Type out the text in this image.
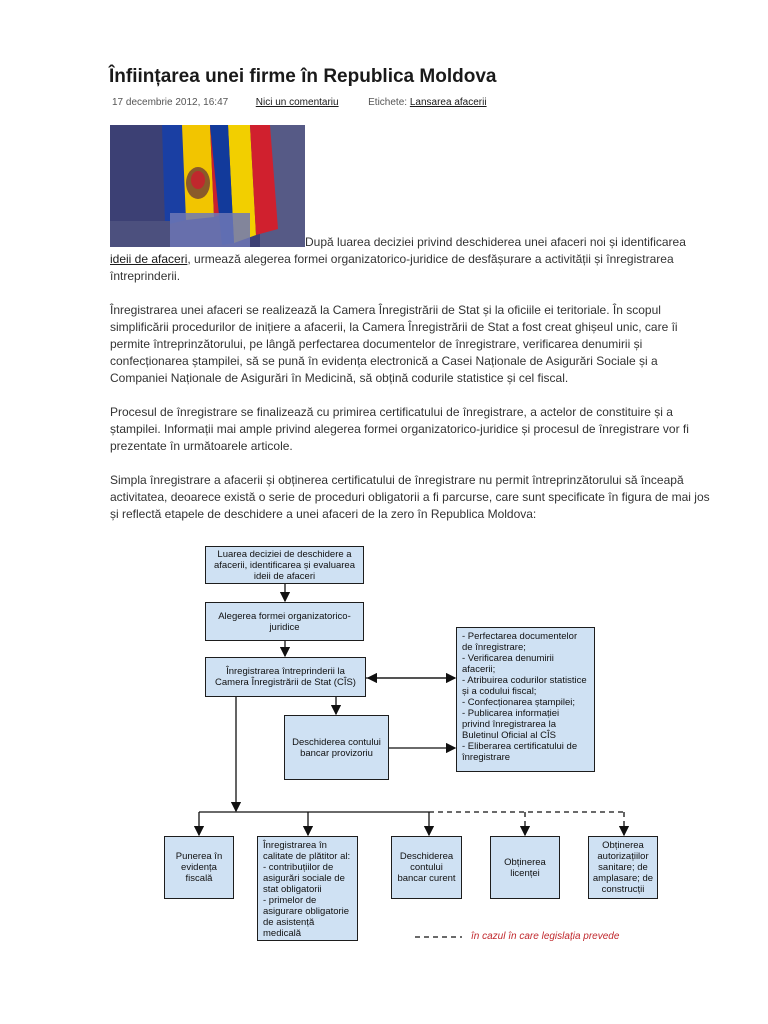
Înființarea unei firme în Republica Moldova
17 decembrie 2012, 16:47	Nici un comentariu	Etichete: Lansarea afacerii

După luarea deciziei privind deschiderea unei afaceri noi și identificarea ideii de afaceri, urmează alegerea formei organizatorico-juridice de desfășurare a activității și înregistrarea întreprinderii.

Înregistrarea unei afaceri se realizează la Camera Înregistrării de Stat și la oficiile ei teritoriale. În scopul simplificării procedurilor de inițiere a afacerii, la Camera Înregistrării de Stat a fost creat ghișeul unic, care îi permite întreprinzătorului, pe lângă perfectarea documentelor de înregistrare, verificarea denumirii și confecționarea ștampilei, să se pună în evidența electronică a Casei Naționale de Asigurări Sociale și a Companiei Naționale de Asigurări în Medicină, să obțină codurile statistice și cel fiscal.

Procesul de înregistrare se finalizează cu primirea certificatului de înregistrare, a actelor de constituire și a ștampilei. Informații mai ample privind alegerea formei organizatorico-juridice și procesul de înregistrare vor fi prezentate în următoarele articole.

Simpla înregistrare a afacerii și obținerea certificatului de înregistrare nu permit întreprinzătorului să înceapă activitatea, deoarece există o serie de proceduri obligatorii a fi parcurse, care sunt specificate în figura de mai jos și reflectă etapele de deschidere a unei afaceri de la zero în Republica Moldova:

Luarea deciziei de deschidere a afacerii, identificarea și evaluarea ideii de afaceri
Alegerea formei organizatorico-juridice
Înregistrarea întreprinderii la Camera Înregistrării de Stat (CÎS)
Deschiderea contului bancar provizoriu
- Perfectarea documentelor de înregistrare;
- Verificarea denumirii afacerii;
- Atribuirea codurilor statistice și a codului fiscal;
- Confecționarea ștampilei;
- Publicarea informației privind înregistrarea la Buletinul Oficial al CÎS
- Eliberarea certificatului de înregistrare
Punerea în evidența fiscală
Înregistrarea în calitate de plătitor al:
- contribuțiilor de asigurări sociale de stat obligatorii
- primelor de asigurare obligatorie de asistență medicală
Deschiderea contului bancar curent
Obținerea licenței
Obținerea autorizațiilor sanitare; de amplasare; de construcții
în cazul în care legislația prevede
